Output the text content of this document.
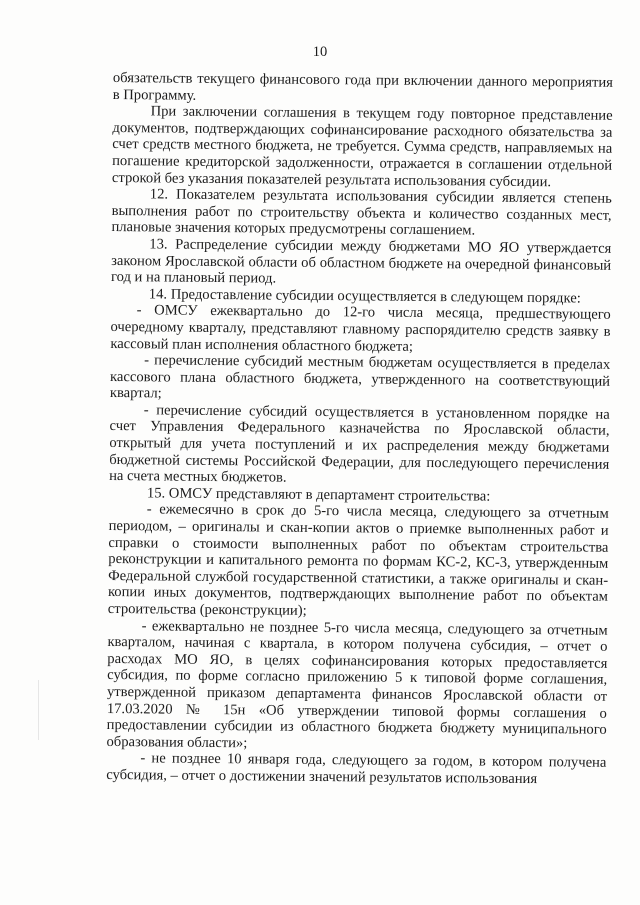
10

обязательств текущего финансового года при включении данного мероприятия в Программу.

При заключении соглашения в текущем году повторное представление документов, подтверждающих софинансирование расходного обязательства за счет средств местного бюджета, не требуется. Сумма средств, направляемых на погашение кредиторской задолженности, отражается в соглашении отдельной строкой без указания показателей результата использования субсидии.

12. Показателем результата использования субсидии является степень выполнения работ по строительству объекта и количество созданных мест, плановые значения которых предусмотрены соглашением.

13. Распределение субсидии между бюджетами МО ЯО утверждается законом Ярославской области об областном бюджете на очередной финансовый год и на плановый период.

14. Предоставление субсидии осуществляется в следующем порядке:

- ОМСУ ежеквартально до 12-го числа месяца, предшествующего очередному кварталу, представляют главному распорядителю средств заявку в кассовый план исполнения областного бюджета;

- перечисление субсидий местным бюджетам осуществляется в пределах кассового плана областного бюджета, утвержденного на соответствующий квартал;

- перечисление субсидий осуществляется в установленном порядке на счет Управления Федерального казначейства по Ярославской области, открытый для учета поступлений и их распределения между бюджетами бюджетной системы Российской Федерации, для последующего перечисления на счета местных бюджетов.

15. ОМСУ представляют в департамент строительства:

- ежемесячно в срок до 5-го числа месяца, следующего за отчетным периодом, – оригиналы и скан-копии актов о приемке выполненных работ и справки о стоимости выполненных работ по объектам строительства реконструкции и капитального ремонта по формам КС-2, КС-3, утвержденным Федеральной службой государственной статистики, а также оригиналы и скан-копии иных документов, подтверждающих выполнение работ по объектам строительства (реконструкции);

- ежеквартально не позднее 5-го числа месяца, следующего за отчетным кварталом, начиная с квартала, в котором получена субсидия, – отчет о расходах МО ЯО, в целях софинансирования которых предоставляется субсидия, по форме согласно приложению 5 к типовой форме соглашения, утвержденной приказом департамента финансов Ярославской области от 17.03.2020 № 15н «Об утверждении типовой формы соглашения о предоставлении субсидии из областного бюджета бюджету муниципального образования области»;

- не позднее 10 января года, следующего за годом, в котором получена субсидия, – отчет о достижении значений результатов использования
